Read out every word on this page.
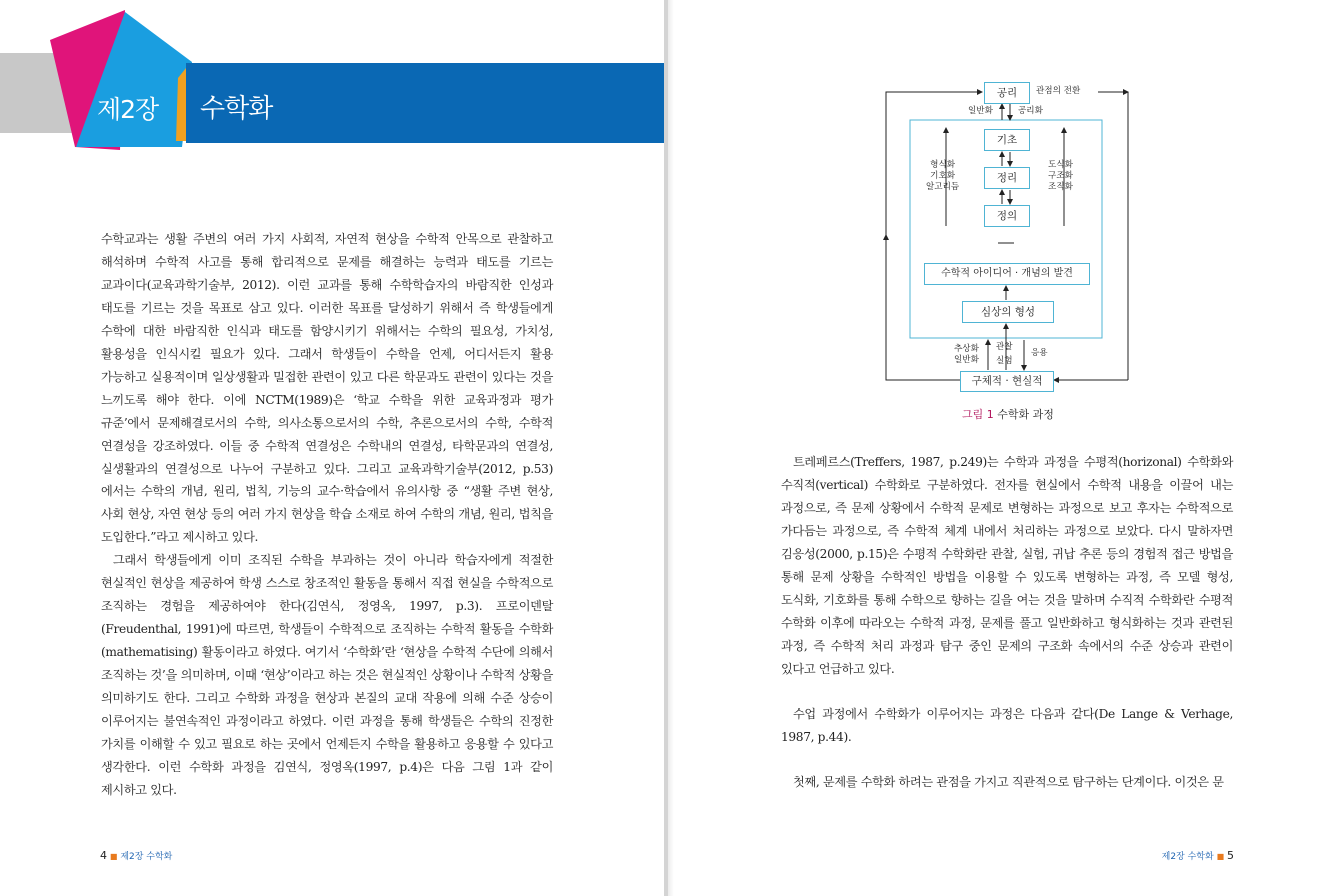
제2장 수학화

수학교과는 생활 주변의 여러 가지 사회적, 자연적 현상을 수학적 안목으로 관찰하고 해석하며 수학적 사고를 통해 합리적으로 문제를 해결하는 능력과 태도를 기르는 교과이다(교육과학기술부, 2012). 이런 교과를 통해 수학학습자의 바람직한 인성과 태도를 기르는 것을 목표로 삼고 있다. 이러한 목표를 달성하기 위해서 즉 학생들에게 수학에 대한 바람직한 인식과 태도를 함양시키기 위해서는 수학의 필요성, 가치성, 활용성을 인식시킬 필요가 있다. 그래서 학생들이 수학을 언제, 어디서든지 활용 가능하고 실용적이며 일상생활과 밀접한 관련이 있고 다른 학문과도 관련이 있다는 것을 느끼도록 해야 한다. 이에 NCTM(1989)은 ‘학교 수학을 위한 교육과정과 평가 규준’에서 문제해결로서의 수학, 의사소통으로서의 수학, 추론으로서의 수학, 수학적 연결성을 강조하였다. 이들 중 수학적 연결성은 수학내의 연결성, 타학문과의 연결성, 실생활과의 연결성으로 나누어 구분하고 있다. 그리고 교육과학기술부(2012, p.53)에서는 수학의 개념, 원리, 법칙, 기능의 교수·학습에서 유의사항 중 “생활 주변 현상, 사회 현상, 자연 현상 등의 여러 가지 현상을 학습 소재로 하여 수학의 개념, 원리, 법칙을 도입한다.”라고 제시하고 있다.

그래서 학생들에게 이미 조직된 수학을 부과하는 것이 아니라 학습자에게 적절한 현실적인 현상을 제공하여 학생 스스로 창조적인 활동을 통해서 직접 현실을 수학적으로 조직하는 경험을 제공하여야 한다(김연식, 정영옥, 1997, p.3). 프로이덴탈(Freudenthal, 1991)에 따르면, 학생들이 수학적으로 조직하는 수학적 활동을 수학화(mathematising) 활동이라고 하였다. 여기서 ‘수학화’란 ‘현상을 수학적 수단에 의해서 조직하는 것’을 의미하며, 이때 ‘현상’이라고 하는 것은 현실적인 상황이나 수학적 상황을 의미하기도 한다. 그리고 수학화 과정을 현상과 본질의 교대 작용에 의해 수준 상승이 이루어지는 불연속적인 과정이라고 하였다. 이런 과정을 통해 학생들은 수학의 진정한 가치를 이해할 수 있고 필요로 하는 곳에서 언제든지 수학을 활용하고 응용할 수 있다고 생각한다. 이런 수학화 과정을 김연식, 정영옥(1997, p.4)은 다음 그림 1과 같이 제시하고 있다.

4 ■ 제2장 수학화
공리
기초
정리
정의
수학적 아이디어 · 개념의 발견
심상의 형성
구체적 · 현실적
관점의 전환
일반화	공리화
형식화
기호화
알고리듬
도식화
구조화
조직화
추상화
일반화
관찰
실험
응용
그림 1 수학화 과정

트레페르스(Treffers, 1987, p.249)는 수학과 과정을 수평적(horizonal) 수학화와 수직적(vertical) 수학화로 구분하였다. 전자를 현실에서 수학적 내용을 이끌어 내는 과정으로, 즉 문제 상황에서 수학적 문제로 변형하는 과정으로 보고 후자는 수학적으로 가다듬는 과정으로, 즉 수학적 체계 내에서 처리하는 과정으로 보았다. 다시 말하자면 김응성(2000, p.15)은 수평적 수학화란 관찰, 실험, 귀납 추론 등의 경험적 접근 방법을 통해 문제 상황을 수학적인 방법을 이용할 수 있도록 변형하는 과정, 즉 모델 형성, 도식화, 기호화를 통해 수학으로 향하는 길을 여는 것을 말하며 수직적 수학화란 수평적 수학화 이후에 따라오는 수학적 과정, 문제를 풀고 일반화하고 형식화하는 것과 관련된 과정, 즉 수학적 처리 과정과 탐구 중인 문제의 구조화 속에서의 수준 상승과 관련이 있다고 언급하고 있다.

수업 과정에서 수학화가 이루어지는 과정은 다음과 같다(De Lange & Verhage, 1987, p.44).

첫째, 문제를 수학화 하려는 관점을 가지고 직관적으로 탐구하는 단계이다. 이것은 문

제2장 수학화 ■ 5
